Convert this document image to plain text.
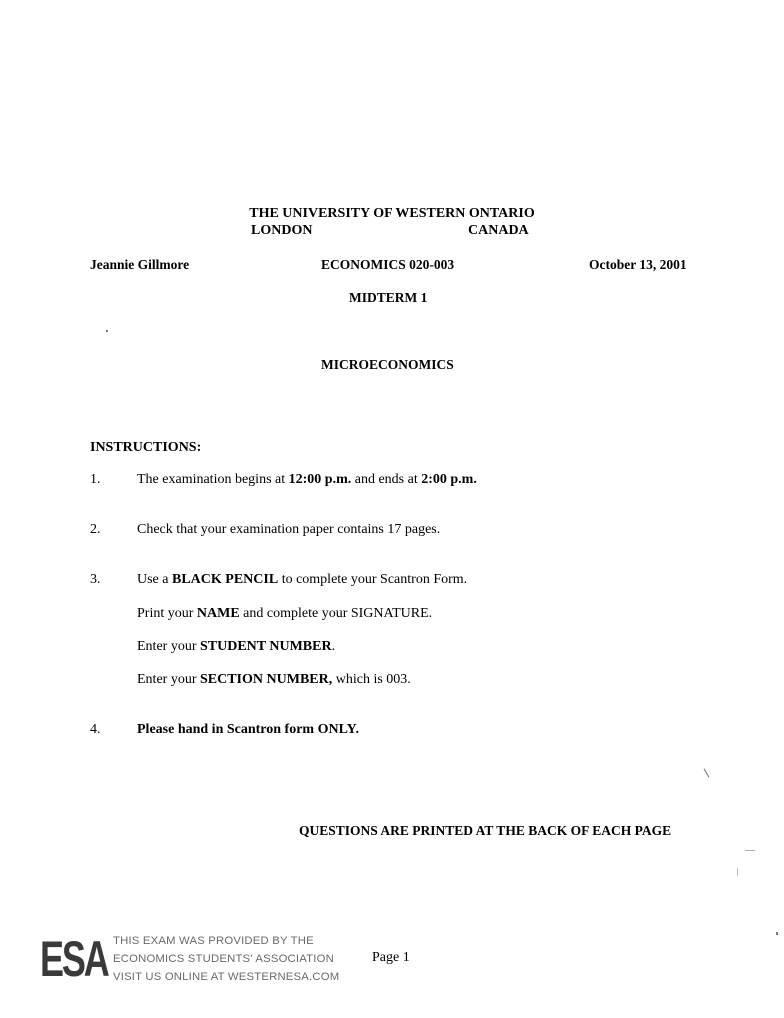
THE UNIVERSITY OF WESTERN ONTARIO
LONDON	CANADA
Jeannie Gillmore	ECONOMICS 020-003	October 13, 2001
MIDTERM 1
MICROECONOMICS
INSTRUCTIONS:
1.	The examination begins at 12:00 p.m. and ends at 2:00 p.m.
2.	Check that your examination paper contains 17 pages.
3.	Use a BLACK PENCIL to complete your Scantron Form.
Print your NAME and complete your SIGNATURE.
Enter your STUDENT NUMBER.
Enter your SECTION NUMBER, which is 003.
4.	Please hand in Scantron form ONLY.
QUESTIONS ARE PRINTED AT THE BACK OF EACH PAGE
ESA THIS EXAM WAS PROVIDED BY THE
ECONOMICS STUDENTS' ASSOCIATION
VISIT US ONLINE AT WESTERNESA.COM
Page 1
